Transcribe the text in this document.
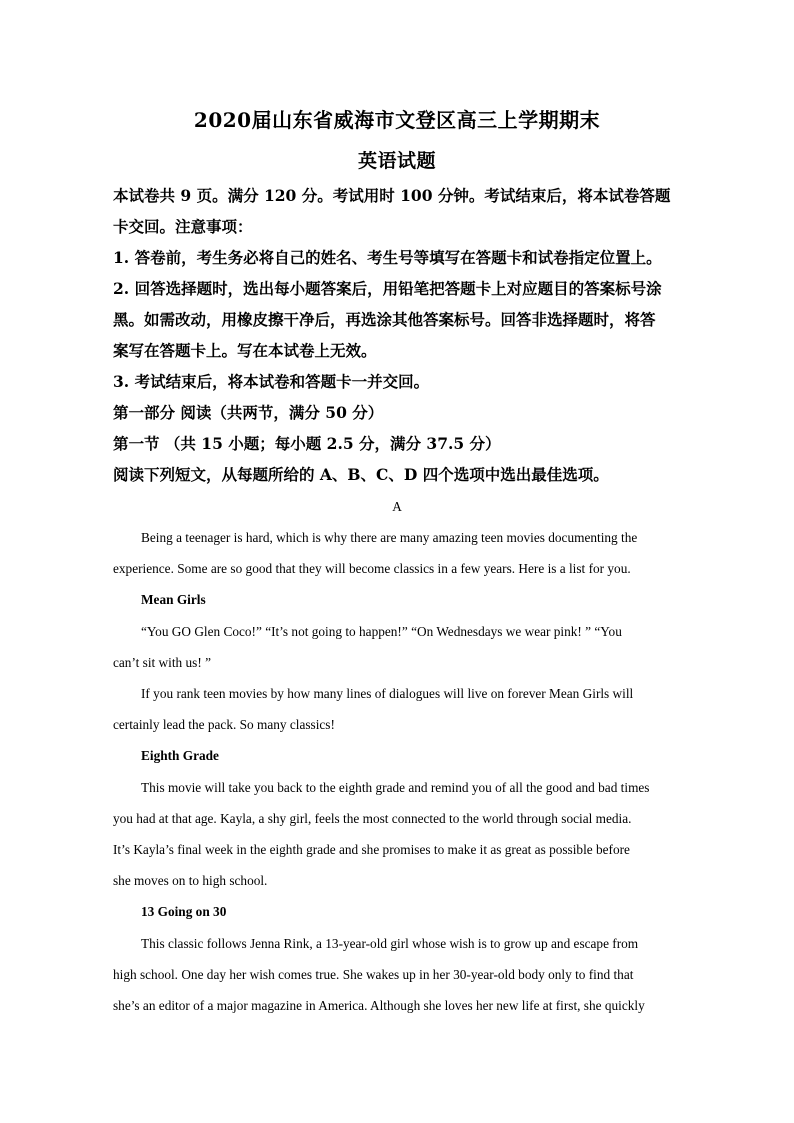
2020届山东省威海市文登区高三上学期期末
英语试题
本试卷共 9 页。满分 120 分。考试用时 100 分钟。考试结束后，将本试卷答题
卡交回。注意事项：
1. 答卷前，考生务必将自己的姓名、考生号等填写在答题卡和试卷指定位置上。
2. 回答选择题时，选出每小题答案后，用铅笔把答题卡上对应题目的答案标号涂
黑。如需改动，用橡皮擦干净后，再选涂其他答案标号。回答非选择题时，将答
案写在答题卡上。写在本试卷上无效。
3. 考试结束后，将本试卷和答题卡一并交回。
第一部分 阅读（共两节，满分 50 分）
第一节 （共 15 小题；每小题 2.5 分，满分 37.5 分）
阅读下列短文，从每题所给的 A、B、C、D 四个选项中选出最佳选项。
A
Being a teenager is hard, which is why there are many amazing teen movies documenting the
experience. Some are so good that they will become classics in a few years. Here is a list for you.
Mean Girls
“You GO Glen Coco!” “It’s not going to happen!” “On Wednesdays we wear pink! ” “You
can’t sit with us! ”
If you rank teen movies by how many lines of dialogues will live on forever Mean Girls will
certainly lead the pack. So many classics!
Eighth Grade
This movie will take you back to the eighth grade and remind you of all the good and bad times
you had at that age. Kayla, a shy girl, feels the most connected to the world through social media.
It’s Kayla’s final week in the eighth grade and she promises to make it as great as possible before
she moves on to high school.
13 Going on 30
This classic follows Jenna Rink, a 13-year-old girl whose wish is to grow up and escape from
high school. One day her wish comes true. She wakes up in her 30-year-old body only to find that
she’s an editor of a major magazine in America. Although she loves her new life at first, she quickly
